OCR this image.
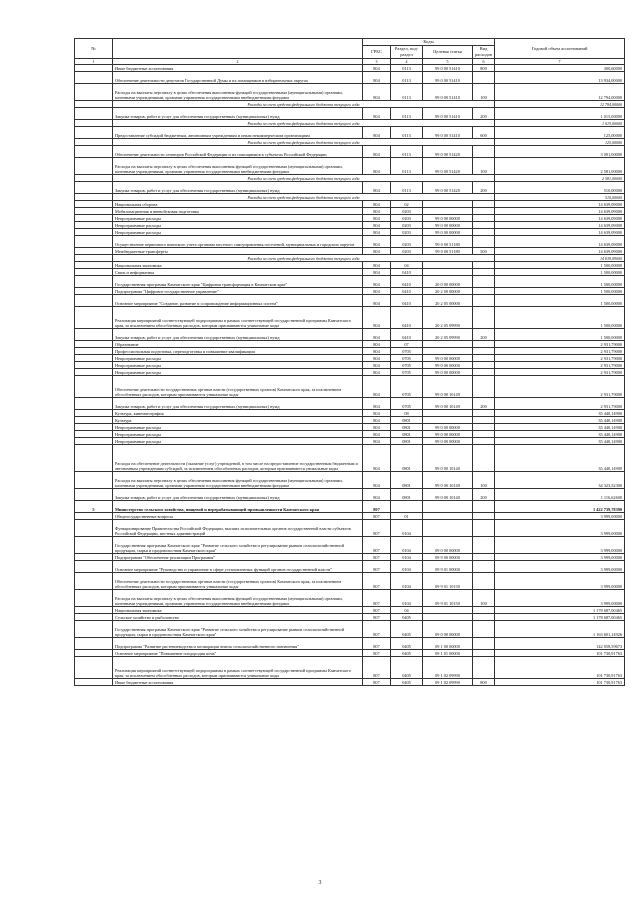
№		Коды				Годовой объем ассигнований
		ГРБС	Раздел, под-раздел	Целевая статья	Вид расходов	
1	2	3	4	5	6	7
	Иные бюджетные ассигнования	804	0113	99 0 00 51410	800	300,60000
	Обеспечение деятельности депутатов Государственной Думы и их помощников в избирательных округах	804	0113	99 0 00 51410		13 934,00000
	Расходы на выплаты персоналу в целях обеспечения выполнения функций государственными (муниципальными) органами, казенными учреждениями, органами управления государственными внебюджетными фондами	804	0113	99 0 00 51410	100	12 794,00000
	Расходы за счет средств федерального бюджета текущего года					12 794,00000
	Закупка товаров, работ и услуг для обеспечения государственных (муниципальных) нужд	804	0113	99 0 00 51410	200	1 015,00000
	Расходы за счет средств федерального бюджета текущего года					1 015,00000
	Предоставление субсидий бюджетным, автономным учреждениям и иным некоммерческим организациям	804	0113	99 0 00 51410	600	125,00000
	Расходы за счет средств федерального бюджета текущего года					125,00000
	Обеспечение деятельности сенаторов Российской Федерации и их помощников в субъектах Российской Федерации	804	0113	99 0 00 51420		3 091,00000
	Расходы на выплаты персоналу в целях обеспечения выполнения функций государственными (муниципальными) органами, казенными учреждениями, органами управления государственными внебюджетными фондами	804	0113	99 0 00 51420	100	2 581,00000
	Расходы за счет средств федерального бюджета текущего года					2 581,00000
	Закупка товаров, работ и услуг для обеспечения государственных (муниципальных) нужд	804	0113	99 0 00 51420	200	510,00000
	Расходы за счет средств федерального бюджета текущего года					510,00000
	Национальная оборона	804	02			14 639,09000
	Мобилизационная и вневойсковая подготовка	804	0203			14 639,09000
	Непрограммные расходы	804	0203	99 0 00 00000		14 639,09000
	Непрограммные расходы	804	0203	99 0 00 00000		14 639,09000
	Непрограммные расходы	804	0203	99 0 00 00000		14 639,09000
	Осуществление первичного воинского учета органами местного самоуправления поселений, муниципальных и городских округов	804	0203	99 0 00 51180		14 639,09000
	Межбюджетные трансферты	804	0203	99 0 00 51180	500	14 639,09000
	Расходы за счет средств федерального бюджета текущего года					14 639,09000
	Национальная экономика	804	04			1 500,00000
	Связь и информатика	804	0410			1 500,00000
	Государственная программа Камчатского края "Цифровая трансформация в Камчатском крае"	804	0410	20 0 00 00000		1 500,00000
	Подпрограмма "Цифровое государственное управление"	804	0410	20 2 00 00000		1 500,00000
	Основное мероприятие "Создание, развитие и сопровождение информационных систем"	804	0410	20 2 05 00000		1 500,00000
	Реализация мероприятий соответствующей подпрограммы в рамках соответствующей государственной программы Камчатского края, за исключением обособленных расходов, которым присваиваются уникальные коды	804	0410	20 2 05 09990		1 500,00000
	Закупка товаров, работ и услуг для обеспечения государственных (муниципальных) нужд	804	0410	20 2 05 09990	200	1 500,00000
	Образование	804	07			2 931,79000
	Профессиональная подготовка, переподготовка и повышение квалификации	804	0705			2 931,79000
	Непрограммные расходы	804	0705	99 0 00 00000		2 931,79000
	Непрограммные расходы	804	0705	99 0 00 00000		2 931,79000
	Непрограммные расходы	804	0705	99 0 00 00000		2 931,79000
	Обеспечение деятельности государственных органов власти (государственных органов) Камчатского края, за исключением обособленных расходов, которым присваиваются уникальные коды	804	0705	99 0 00 10149		2 931,79000
	Закупка товаров, работ и услуг для обеспечения государственных (муниципальных) нужд	804	0705	99 0 00 10149	200	2 931,79000
	Культура, кинематография	804	08			35 440,14900
	Культура	804	0801			35 440,14900
	Непрограммные расходы	804	0801	99 0 00 00000		35 440,14900
	Непрограммные расходы	804	0801	99 0 00 00000		35 440,14900
	Непрограммные расходы	804	0801	99 0 00 00000		35 440,14900
	Расходы на обеспечение деятельности (оказание услуг) учреждений, в том числе на предоставление государственным бюджетным и автономным учреждениям субсидий, за исключением обособленных расходов, которым присваиваются уникальные коды	804	0801	99 0 00 10140		35 440,14900
	Расходы на выплаты персоналу в целях обеспечения выполнения функций государственными (муниципальными) органами, казенными учреждениями, органами управления государственными внебюджетными фондами	804	0801	99 0 00 10140	100	34 323,52300
	Закупка товаров, работ и услуг для обеспечения государственных (муниципальных) нужд	804	0801	99 0 00 10140	200	1 116,62600
5	Министерство сельского хозяйства, пищевой и перерабатывающей промышленности Камчатского края	807				1 422 739,78390
	Общегосударственные вопросы	807	01			3 999,00000
	Функционирование Правительства Российской Федерации, высших исполнительных органов государственной власти субъектов Российской Федерации, местных администраций	807	0104			3 999,00000
	Государственная программа Камчатского края "Развитие сельского хозяйства и регулирование рынков сельскохозяйственной продукции, сырья и продовольствия Камчатского края"	807	0104	09 0 00 00000		3 999,00000
	Подпрограмма "Обеспечение реализации Программы"	807	0104	09 9 00 00000		3 999,00000
	Основное мероприятие "Руководство и управление в сфере установленных функций органов государственной власти"	807	0104	09 9 01 00000		3 999,00000
	Обеспечение деятельности государственных органов власти (государственных органов) Камчатского края, за исключением обособленных расходов, которым присваиваются уникальные коды	807	0104	09 9 01 10150		3 999,00000
	Расходы на выплаты персоналу в целях обеспечения выполнения функций государственными (муниципальными) органами, казенными учреждениями, органами управления государственными внебюджетными фондами	807	0104	09 9 01 10150	100	3 999,00000
	Национальная экономика	807	04			1 178 687,00465
	Сельское хозяйство и рыболовство	807	0405			1 178 687,00465
	Государственная программа Камчатского края "Развитие сельского хозяйства и регулирование рынков сельскохозяйственной продукции, сырья и продовольствия Камчатского края"	807	0405	09 0 00 00000		1 163 601,14926
	Подпрограмма "Развитие растениеводства и мелиорация земель сельскохозяйственного назначения"	807	0405	09 1 00 00000		142 058,59673
	Основное мероприятие "Повышение плодородия почв"	807	0405	09 1 01 00000		101 730,91763
	Реализация мероприятий соответствующей подпрограммы в рамках соответствующей государственной программы Камчатского края, за исключением обособленных расходов, которым присваиваются уникальные коды	807	0405	09 1 02 09990		101 730,91763
	Иные бюджетные ассигнования	807	0405	09 1 02 09990	800	101 730,91763
3
